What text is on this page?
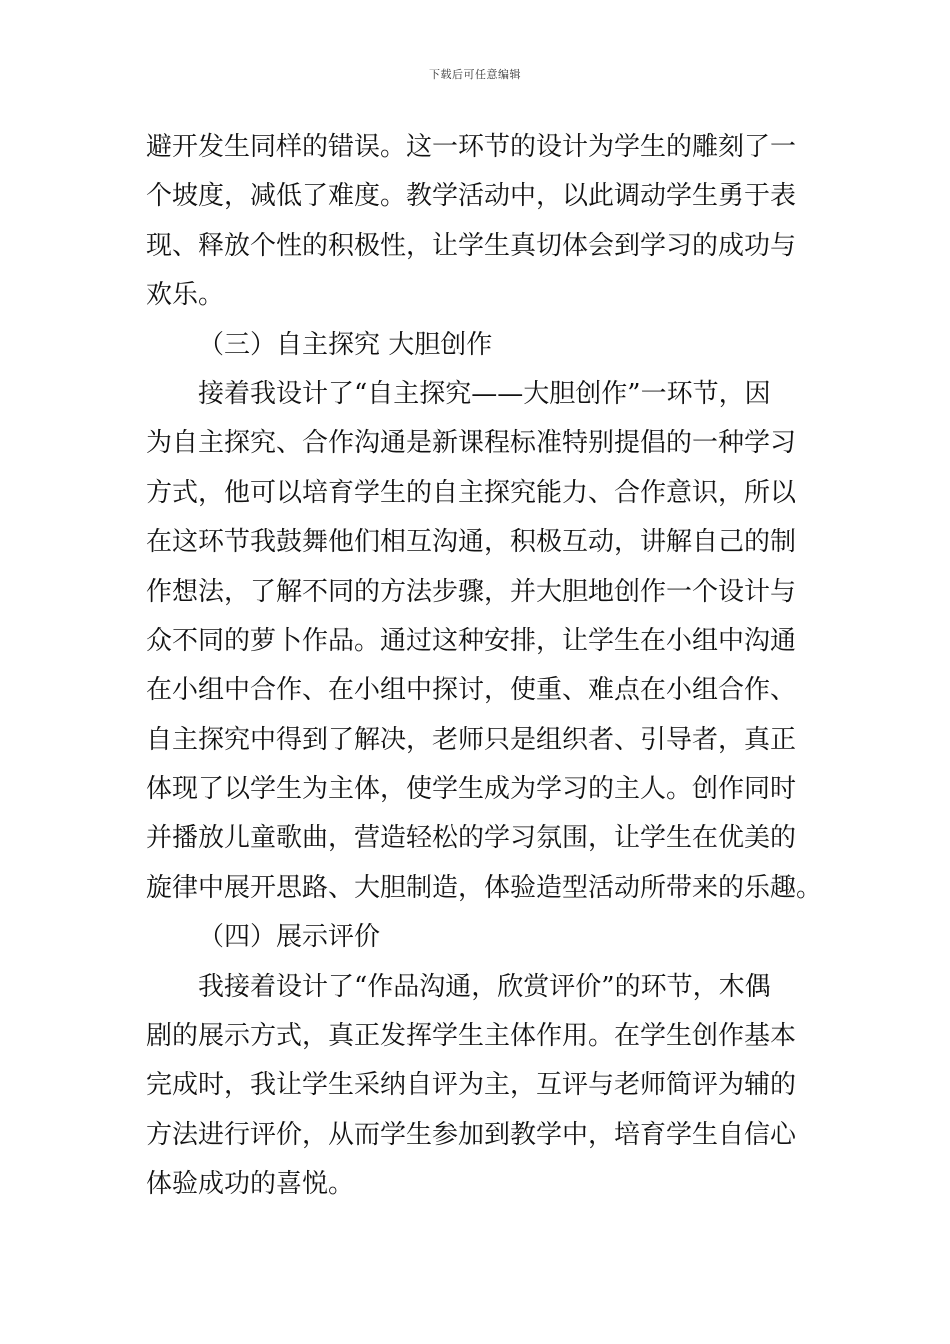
下载后可任意编辑
避开发生同样的错误。这一环节的设计为学生的雕刻了一
个坡度，减低了难度。教学活动中，以此调动学生勇于表
现、释放个性的积极性，让学生真切体会到学习的成功与
欢乐。
（三）自主探究 大胆创作
接着我设计了“自主探究——大胆创作”一环节，因
为自主探究、合作沟通是新课程标准特别提倡的一种学习
方式，他可以培育学生的自主探究能力、合作意识，所以
在这环节我鼓舞他们相互沟通，积极互动，讲解自己的制
作想法，了解不同的方法步骤，并大胆地创作一个设计与
众不同的萝卜作品。通过这种安排，让学生在小组中沟通
在小组中合作、在小组中探讨，使重、难点在小组合作、
自主探究中得到了解决，老师只是组织者、引导者，真正
体现了以学生为主体，使学生成为学习的主人。创作同时
并播放儿童歌曲，营造轻松的学习氛围，让学生在优美的
旋律中展开思路、大胆制造，体验造型活动所带来的乐趣。
（四）展示评价
我接着设计了“作品沟通，欣赏评价”的环节，木偶
剧的展示方式，真正发挥学生主体作用。在学生创作基本
完成时，我让学生采纳自评为主，互评与老师简评为辅的
方法进行评价，从而学生参加到教学中，培育学生自信心
体验成功的喜悦。
